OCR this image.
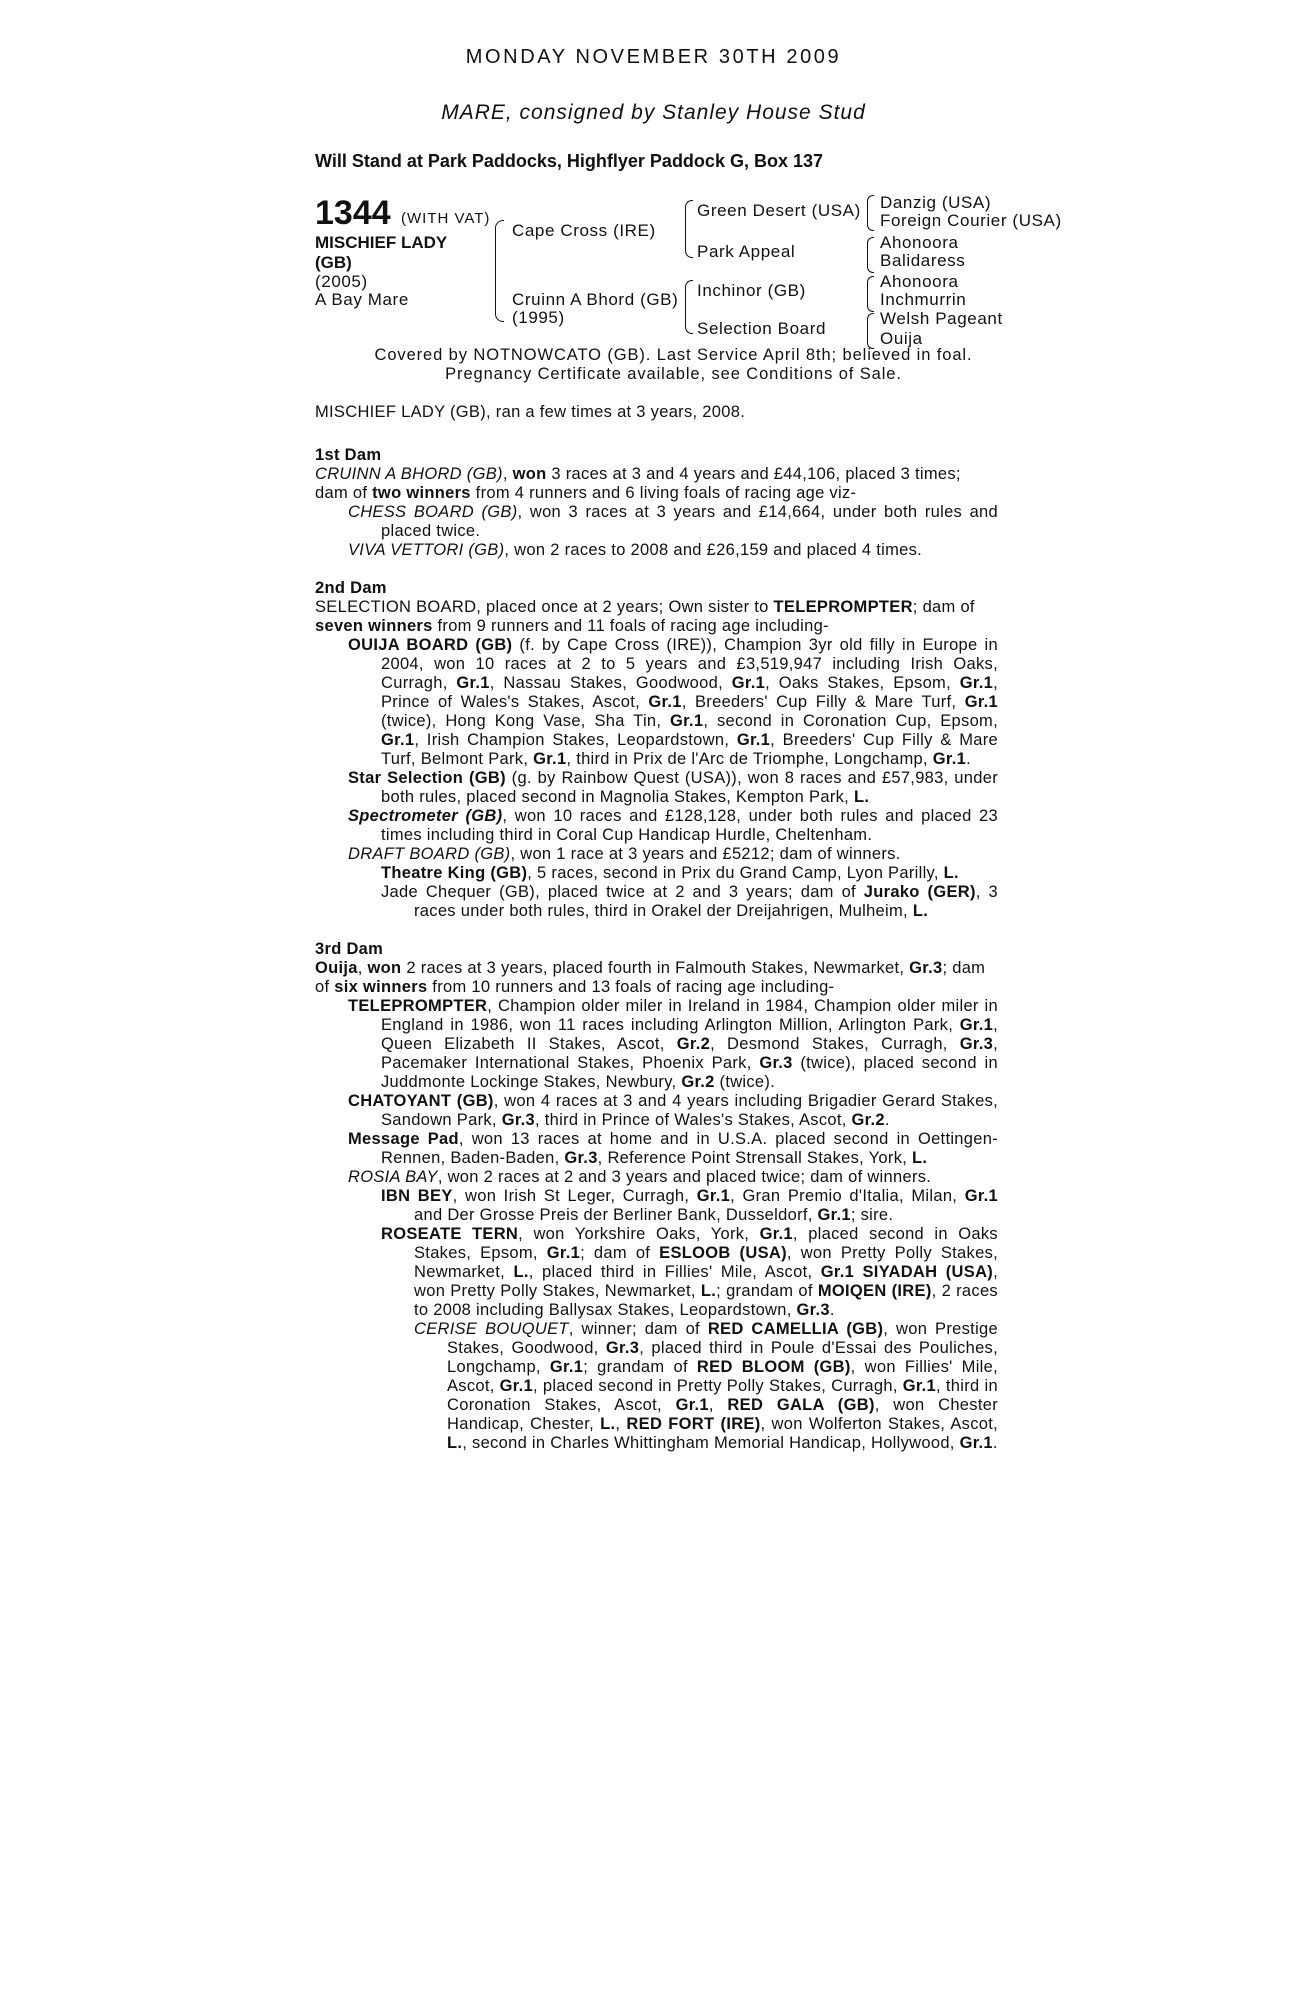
MONDAY NOVEMBER 30TH 2009
MARE, consigned by Stanley House Stud
Will Stand at Park Paddocks, Highflyer Paddock G, Box 137
1344 (WITH VAT)
MISCHIEF LADY
(GB)
(2005)
A Bay Mare
Cape Cross (IRE)
Cruinn A Bhord (GB)
(1995)
Green Desert (USA)
Park Appeal
Inchinor (GB)
Selection Board
Danzig (USA)
Foreign Courier (USA)
Ahonoora
Balidaress
Ahonoora
Inchmurrin
Welsh Pageant
Ouija
Covered by NOTNOWCATO (GB). Last Service April 8th; believed in foal.
Pregnancy Certificate available, see Conditions of Sale.

MISCHIEF LADY (GB), ran a few times at 3 years, 2008.

1st Dam

CRUINN A BHORD (GB), won 3 races at 3 and 4 years and £44,106, placed 3 times; dam of two winners from 4 runners and 6 living foals of racing age viz-

CHESS BOARD (GB), won 3 races at 3 years and £14,664, under both rules and placed twice.

VIVA VETTORI (GB), won 2 races to 2008 and £26,159 and placed 4 times.

2nd Dam

SELECTION BOARD, placed once at 2 years; Own sister to TELEPROMPTER; dam of seven winners from 9 runners and 11 foals of racing age including-

OUIJA BOARD (GB) (f. by Cape Cross (IRE)), Champion 3yr old filly in Europe in 2004, won 10 races at 2 to 5 years and £3,519,947 including Irish Oaks, Curragh, Gr.1, Nassau Stakes, Goodwood, Gr.1, Oaks Stakes, Epsom, Gr.1, Prince of Wales's Stakes, Ascot, Gr.1, Breeders' Cup Filly & Mare Turf, Gr.1 (twice), Hong Kong Vase, Sha Tin, Gr.1, second in Coronation Cup, Epsom, Gr.1, Irish Champion Stakes, Leopardstown, Gr.1, Breeders' Cup Filly & Mare Turf, Belmont Park, Gr.1, third in Prix de l'Arc de Triomphe, Longchamp, Gr.1.

Star Selection (GB) (g. by Rainbow Quest (USA)), won 8 races and £57,983, under both rules, placed second in Magnolia Stakes, Kempton Park, L.

Spectrometer (GB), won 10 races and £128,128, under both rules and placed 23 times including third in Coral Cup Handicap Hurdle, Cheltenham.

DRAFT BOARD (GB), won 1 race at 3 years and £5212; dam of winners.

Theatre King (GB), 5 races, second in Prix du Grand Camp, Lyon Parilly, L.

Jade Chequer (GB), placed twice at 2 and 3 years; dam of Jurako (GER), 3 races under both rules, third in Orakel der Dreijahrigen, Mulheim, L.

3rd Dam

Ouija, won 2 races at 3 years, placed fourth in Falmouth Stakes, Newmarket, Gr.3; dam of six winners from 10 runners and 13 foals of racing age including-

TELEPROMPTER, Champion older miler in Ireland in 1984, Champion older miler in England in 1986, won 11 races including Arlington Million, Arlington Park, Gr.1, Queen Elizabeth II Stakes, Ascot, Gr.2, Desmond Stakes, Curragh, Gr.3, Pacemaker International Stakes, Phoenix Park, Gr.3 (twice), placed second in Juddmonte Lockinge Stakes, Newbury, Gr.2 (twice).

CHATOYANT (GB), won 4 races at 3 and 4 years including Brigadier Gerard Stakes, Sandown Park, Gr.3, third in Prince of Wales's Stakes, Ascot, Gr.2.

Message Pad, won 13 races at home and in U.S.A. placed second in Oettingen-Rennen, Baden-Baden, Gr.3, Reference Point Strensall Stakes, York, L.

ROSIA BAY, won 2 races at 2 and 3 years and placed twice; dam of winners.

IBN BEY, won Irish St Leger, Curragh, Gr.1, Gran Premio d'Italia, Milan, Gr.1 and Der Grosse Preis der Berliner Bank, Dusseldorf, Gr.1; sire.

ROSEATE TERN, won Yorkshire Oaks, York, Gr.1, placed second in Oaks Stakes, Epsom, Gr.1; dam of ESLOOB (USA), won Pretty Polly Stakes, Newmarket, L., placed third in Fillies' Mile, Ascot, Gr.1 SIYADAH (USA), won Pretty Polly Stakes, Newmarket, L.; grandam of MOIQEN (IRE), 2 races to 2008 including Ballysax Stakes, Leopardstown, Gr.3.

CERISE BOUQUET, winner; dam of RED CAMELLIA (GB), won Prestige Stakes, Goodwood, Gr.3, placed third in Poule d'Essai des Pouliches, Longchamp, Gr.1; grandam of RED BLOOM (GB), won Fillies' Mile, Ascot, Gr.1, placed second in Pretty Polly Stakes, Curragh, Gr.1, third in Coronation Stakes, Ascot, Gr.1, RED GALA (GB), won Chester Handicap, Chester, L., RED FORT (IRE), won Wolferton Stakes, Ascot, L., second in Charles Whittingham Memorial Handicap, Hollywood, Gr.1.
